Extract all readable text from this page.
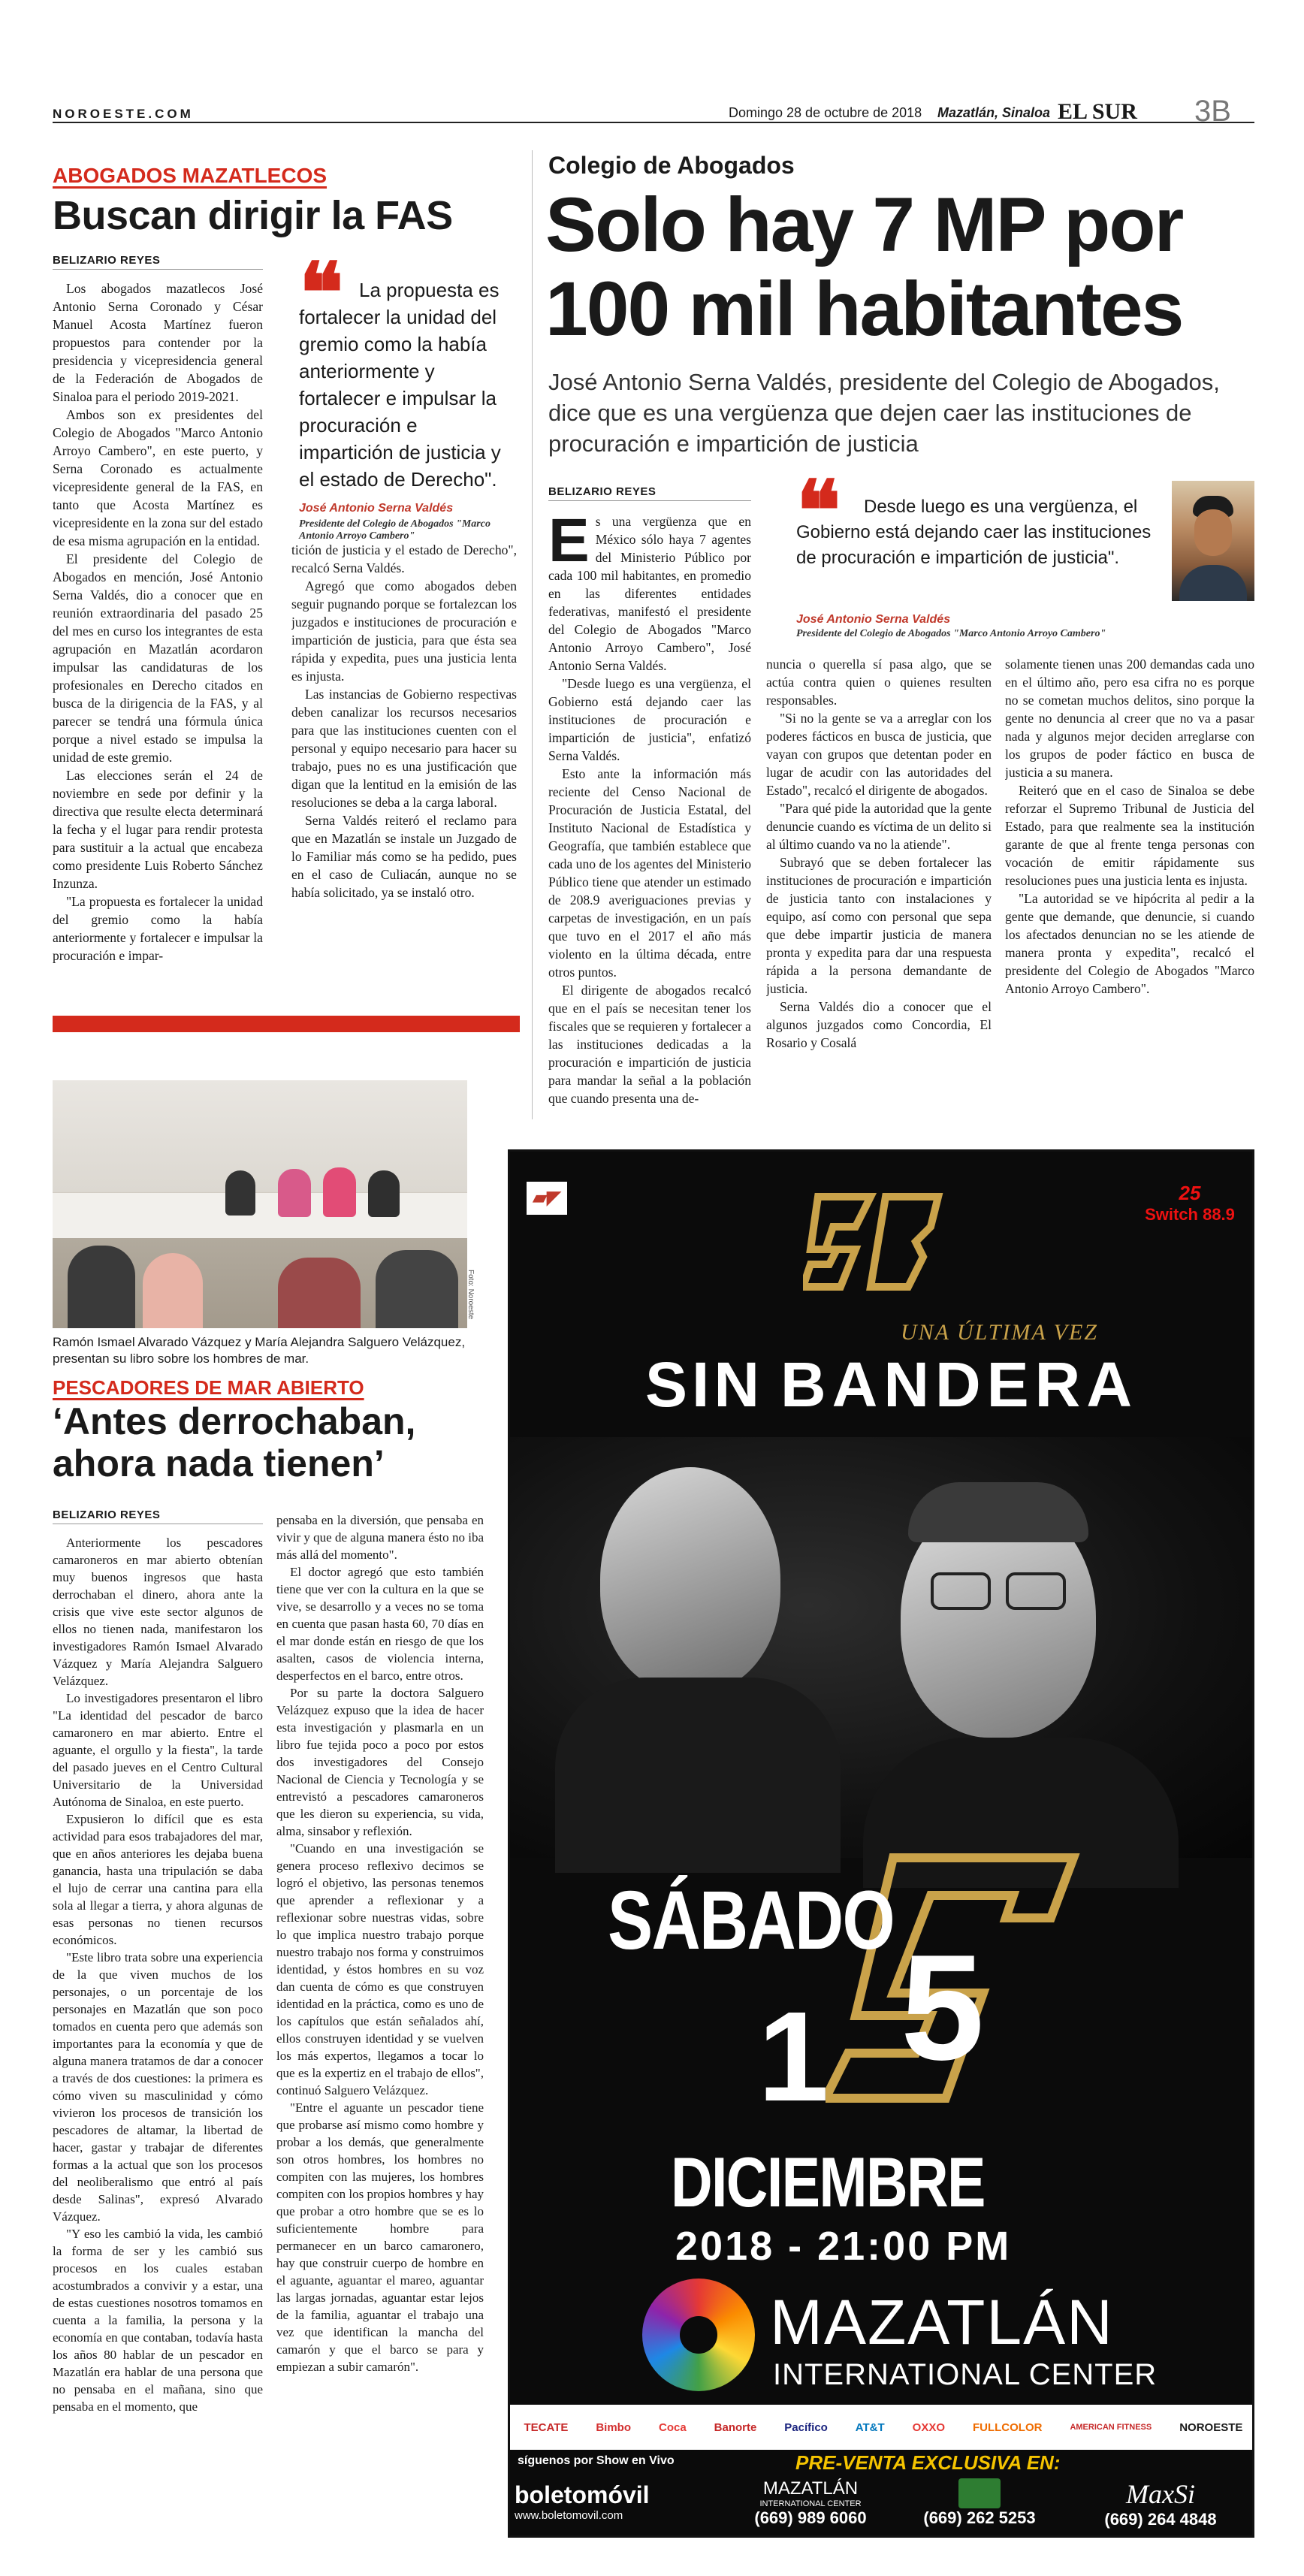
NOROESTE.COM	Domingo 28 de octubre de 2018 Mazatlán, Sinaloa EL SUR 3B
ABOGADOS MAZATLECOS
Buscan dirigir la FAS
BELIZARIO REYES

Los abogados mazatlecos José Antonio Serna Coronado y César Manuel Acosta Martínez fueron propuestos para contender por la presidencia y vicepresidencia general de la Federación de Abogados de Sinaloa para el periodo 2019-2021.

Ambos son ex presidentes del Colegio de Abogados "Marco Antonio Arroyo Cambero", en este puerto, y Serna Coronado es actualmente vicepresidente general de la FAS, en tanto que Acosta Martínez es vicepresidente en la zona sur del estado de esa misma agrupación en la entidad.

El presidente del Colegio de Abogados en mención, José Antonio Serna Valdés, dio a conocer que en reunión extraordinaria del pasado 25 del mes en curso los integrantes de esta agrupación en Mazatlán acordaron impulsar las candidaturas de los profesionales en Derecho citados en busca de la dirigencia de la FAS, y al parecer se tendrá una fórmula única porque a nivel estado se impulsa la unidad de este gremio.

Las elecciones serán el 24 de noviembre en sede por definir y la directiva que resulte electa determinará la fecha y el lugar para rendir protesta para sustituir a la actual que encabeza como presidente Luis Roberto Sánchez Inzunza.

"La propuesta es fortalecer la unidad del gremio como la había anteriormente y fortalecer e impulsar la procuración e impar-

❝ La propuesta es fortalecer la unidad del gremio como la había anteriormente y fortalecer e impulsar la procuración e impartición de justicia y el estado de Derecho".
José Antonio Serna Valdés
Presidente del Colegio de Abogados "Marco Antonio Arroyo Cambero"

tición de justicia y el estado de Derecho", recalcó Serna Valdés.

Agregó que como abogados deben seguir pugnando porque se fortalezcan los juzgados e instituciones de procuración e impartición de justicia, para que ésta sea rápida y expedita, pues una justicia lenta es injusta.

Las instancias de Gobierno respectivas deben canalizar los recursos necesarios para que las instituciones cuenten con el personal y equipo necesario para hacer su trabajo, pues no es una justificación que digan que la lentitud en la emisión de las resoluciones se deba a la carga laboral.

Serna Valdés reiteró el reclamo para que en Mazatlán se instale un Juzgado de lo Familiar más como se ha pedido, pues en el caso de Culiacán, aunque no se había solicitado, ya se instaló otro.

Colegio de Abogados
Solo hay 7 MP por
100 mil habitantes
José Antonio Serna Valdés, presidente del Colegio de Abogados, dice que es una vergüenza que dejen caer las instituciones de procuración e impartición de justicia
BELIZARIO REYES
E s una vergüenza que en México sólo haya 7 agentes del Ministerio Público por cada 100 mil habitantes, en promedio en las diferentes entidades federativas, manifestó el presidente del Colegio de Abogados "Marco Antonio Arroyo Cambero", José Antonio Serna Valdés.

"Desde luego es una vergüenza, el Gobierno está dejando caer las instituciones de procuración e impartición de justicia", enfatizó Serna Valdés.

Esto ante la información más reciente del Censo Nacional de Procuración de Justicia Estatal, del Instituto Nacional de Estadística y Geografía, que también establece que cada uno de los agentes del Ministerio Público tiene que atender un estimado de 208.9 averiguaciones previas y carpetas de investigación, en un país que tuvo en el 2017 el año más violento en la última década, entre otros puntos.

El dirigente de abogados recalcó que en el país se necesitan tener los fiscales que se requieren y fortalecer a las instituciones dedicadas a la procuración e impartición de justicia para mandar la señal a la población que cuando presenta una de-

❝	Desde luego es una vergüenza, el Gobierno está dejando caer las instituciones de procuración e impartición de justicia".
José Antonio Serna Valdés
Presidente del Colegio de Abogados "Marco Antonio Arroyo Cambero"

nuncia o querella sí pasa algo, que se actúa contra quien o quienes resulten responsables.

"Si no la gente se va a arreglar con los poderes fácticos en busca de justicia, que vayan con grupos que detentan poder en lugar de acudir con las autoridades del Estado", recalcó el dirigente de abogados.

"Para qué pide la autoridad que la gente denuncie cuando es víctima de un delito si al último cuando va no la atiende".

Subrayó que se deben fortalecer las instituciones de procuración e impartición de justicia tanto con instalaciones y equipo, así como con personal que sepa que debe impartir justicia de manera pronta y expedita para dar una respuesta rápida a la persona demandante de justicia.

Serna Valdés dio a conocer que el algunos juzgados como Concordia, El Rosario y Cosalá

solamente tienen unas 200 demandas cada uno en el último año, pero esa cifra no es porque no se cometan muchos delitos, sino porque la gente no denuncia al creer que no va a pasar nada y algunos mejor deciden arreglarse con los grupos de poder fáctico en busca de justicia a su manera.

Reiteró que en el caso de Sinaloa se debe reforzar el Supremo Tribunal de Justicia del Estado, para que realmente sea la institución garante de que al frente tenga personas con vocación de emitir rápidamente sus resoluciones pues una justicia lenta es injusta.

"La autoridad se ve hipócrita al pedir a la gente que demande, que denuncie, si cuando los afectados denuncian no se les atiende de manera pronta y expedita", recalcó el presidente del Colegio de Abogados "Marco Antonio Arroyo Cambero".

Foto: Noroeste
Ramón Ismael Alvarado Vázquez y María Alejandra Salguero Velázquez, presentan su libro sobre los hombres de mar.
PESCADORES DE MAR ABIERTO
‘Antes derrochaban,
ahora nada tienen’
BELIZARIO REYES

Anteriormente los pescadores camaroneros en mar abierto obtenían muy buenos ingresos que hasta derrochaban el dinero, ahora ante la crisis que vive este sector algunos de ellos no tienen nada, manifestaron los investigadores Ramón Ismael Alvarado Vázquez y María Alejandra Salguero Velázquez.

Lo investigadores presentaron el libro "La identidad del pescador de barco camaronero en mar abierto. Entre el aguante, el orgullo y la fiesta", la tarde del pasado jueves en el Centro Cultural Universitario de la Universidad Autónoma de Sinaloa, en este puerto.

Expusieron lo difícil que es esta actividad para esos trabajadores del mar, que en años anteriores les dejaba buena ganancia, hasta una tripulación se daba el lujo de cerrar una cantina para ella sola al llegar a tierra, y ahora algunas de esas personas no tienen recursos económicos.

"Este libro trata sobre una experiencia de la que viven muchos de los personajes, o un porcentaje de los personajes en Mazatlán que son poco tomados en cuenta pero que además son importantes para la economía y que de alguna manera tratamos de dar a conocer a través de dos cuestiones: la primera es cómo viven su masculinidad y cómo vivieron los procesos de transición los pescadores de altamar, la libertad de hacer, gastar y trabajar de diferentes formas a la actual que son los procesos del neoliberalismo que entró al país desde Salinas", expresó Alvarado Vázquez.

"Y eso les cambió la vida, les cambió la forma de ser y les cambió sus procesos en los cuales estaban acostumbrados a convivir y a estar, una de estas cuestiones nosotros tomamos en cuenta a la familia, la persona y la economía en que contaban, todavía hasta los años 80 hablar de un pescador en Mazatlán era hablar de una persona que no pensaba en el mañana, sino que pensaba en el momento, que

pensaba en la diversión, que pensaba en vivir y que de alguna manera ésto no iba más allá del momento".

El doctor agregó que esto también tiene que ver con la cultura en la que se vive, se desarrollo y a veces no se toma en cuenta que pasan hasta 60, 70 días en el mar donde están en riesgo de que los asalten, casos de violencia interna, desperfectos en el barco, entre otros.

Por su parte la doctora Salguero Velázquez expuso que la idea de hacer esta investigación y plasmarla en un libro fue tejida poco a poco por estos dos investigadores del Consejo Nacional de Ciencia y Tecnología y se entrevistó a pescadores camaroneros que les dieron su experiencia, su vida, alma, sinsabor y reflexión.

"Cuando en una investigación se genera proceso reflexivo decimos se logró el objetivo, las personas tenemos que aprender a reflexionar y a reflexionar sobre nuestras vidas, sobre lo que implica nuestro trabajo porque nuestro trabajo nos forma y construimos identidad, y éstos hombres en su voz dan cuenta de cómo es que construyen identidad en la práctica, como es uno de los capítulos que están señalados ahí, ellos construyen identidad y se vuelven los más expertos, llegamos a tocar lo que es la expertiz en el trabajo de ellos", continuó Salguero Velázquez.

"Entre el aguante un pescador tiene que probarse así mismo como hombre y probar a los demás, que generalmente son otros hombres, los hombres no compiten con las mujeres, los hombres compiten con los propios hombres y hay que probar a otro hombre que se es lo suficientemente hombre para permanecer en un barco camaronero, hay que construir cuerpo de hombre en el aguante, aguantar el mareo, aguantar las largas jornadas, aguantar estar lejos de la familia, aguantar el trabajo una vez que identifican la mancha del camarón y que el barco se para y empiezan a subir camarón".

▰◤
UNA ÚLTIMA VEZ
SIN BANDERA
25
Switch 88.9
SÁBADO
1 5
DICIEMBRE
2018 - 21:00 PM
MAZATLÁN
INTERNATIONAL CENTER
TECATE Bimbo Coca Banorte Pacífico AT&T OXXO FULLCOLOR	AMERICAN FITNESS NOROESTE
síguenos por Show en Vivo	PRE-VENTA EXCLUSIVA EN:
boletomóvil
www.boletomovil.com
MAZATLÁN
INTERNATIONAL CENTER
(669) 989 6060	(669) 262 5253
MaxSi
(669) 264 4848
